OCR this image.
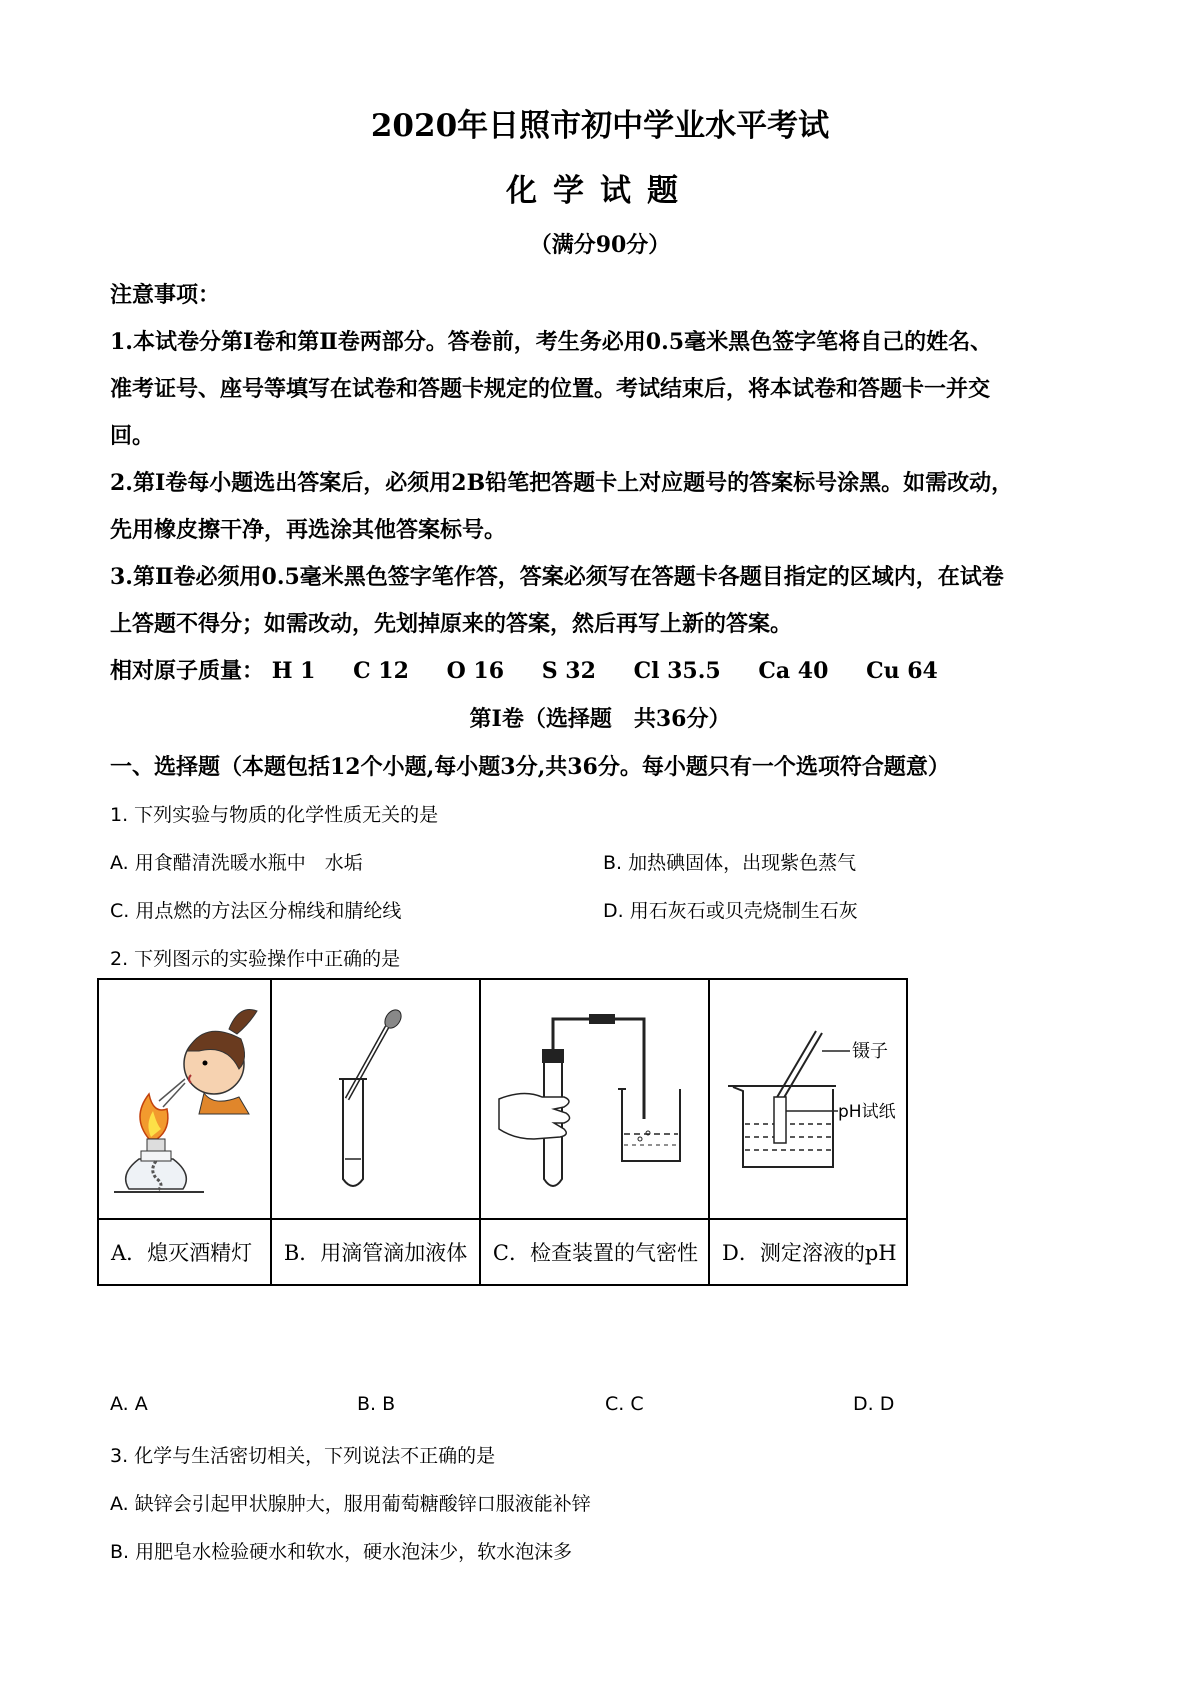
2020年日照市初中学业水平考试
化学试题
（满分90分）
注意事项：
1.本试卷分第Ⅰ卷和第Ⅱ卷两部分。答卷前，考生务必用0.5毫米黑色签字笔将自己的姓名、
准考证号、座号等填写在试卷和答题卡规定的位置。考试结束后，将本试卷和答题卡一并交
回。
2.第Ⅰ卷每小题选出答案后，必须用2B铅笔把答题卡上对应题号的答案标号涂黑。如需改动，
先用橡皮擦干净，再选涂其他答案标号。
3.第Ⅱ卷必须用0.5毫米黑色签字笔作答，答案必须写在答题卡各题目指定的区域内，在试卷
上答题不得分；如需改动，先划掉原来的答案，然后再写上新的答案。
相对原子质量： H 1 C 12 O 16 S 32 Cl 35.5 Ca 40 Cu 64
第Ⅰ卷（选择题　共36分）
一、选择题（本题包括12个小题,每小题3分,共36分。每小题只有一个选项符合题意）
1. 下列实验与物质的化学性质无关的是
A. 用食醋清洗暖水瓶中　水垢	B. 加热碘固体，出现紫色蒸气
C. 用点燃的方法区分棉线和腈纶线	D. 用石灰石或贝壳烧制生石灰
2. 下列图示的实验操作中正确的是

镊子
pH试纸

A．熄灭酒精灯	B．用滴管滴加液体	C．检查装置的气密性	D．测定溶液的pH
A. A	B. B	C. C	D. D
3. 化学与生活密切相关，下列说法不正确的是
A. 缺锌会引起甲状腺肿大，服用葡萄糖酸锌口服液能补锌
B. 用肥皂水检验硬水和软水，硬水泡沫少，软水泡沫多
